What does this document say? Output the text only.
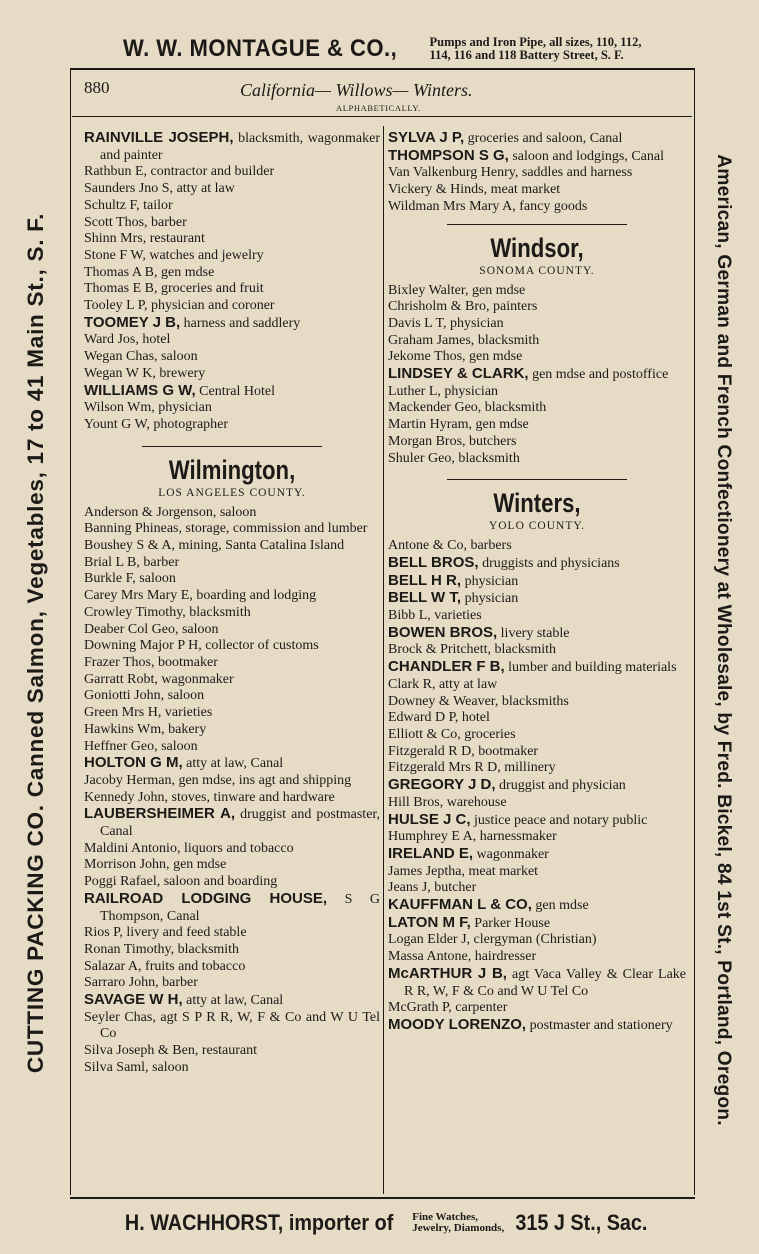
W. W. MONTAGUE & CO.,	Pumps and Iron Pipe, all sizes, 110, 112,
114, 116 and 118 Battery Street, S. F.
CUTTING PACKING CO. Canned Salmon, Vegetables, 17 to 41 Main St., S. F.	American, German and French Confectionery at Wholesale, by Fred. Bickel, 84 1st St., Portland, Oregon.
880	California— Willows— Winters.
ALPHABETICALLY.
RAINVILLE JOSEPH, blacksmith, wagonmaker and painter
Rathbun E, contractor and builder
Saunders Jno S, atty at law
Schultz F, tailor
Scott Thos, barber
Shinn Mrs, restaurant
Stone F W, watches and jewelry
Thomas A B, gen mdse
Thomas E B, groceries and fruit
Tooley L P, physician and coroner
TOOMEY J B, harness and saddlery
Ward Jos, hotel
Wegan Chas, saloon
Wegan W K, brewery
WILLIAMS G W, Central Hotel
Wilson Wm, physician
Yount G W, photographer
Wilmington,
LOS ANGELES COUNTY.
Anderson & Jorgenson, saloon
Banning Phineas, storage, commission and lumber
Boushey S & A, mining, Santa Catalina Island
Brial L B, barber
Burkle F, saloon
Carey Mrs Mary E, boarding and lodging
Crowley Timothy, blacksmith
Deaber Col Geo, saloon
Downing Major P H, collector of customs
Frazer Thos, bootmaker
Garratt Robt, wagonmaker
Goniotti John, saloon
Green Mrs H, varieties
Hawkins Wm, bakery
Heffner Geo, saloon
HOLTON G M, atty at law, Canal
Jacoby Herman, gen mdse, ins agt and shipping
Kennedy John, stoves, tinware and hardware
LAUBERSHEIMER A, druggist and postmaster, Canal
Maldini Antonio, liquors and tobacco
Morrison John, gen mdse
Poggi Rafael, saloon and boarding
RAILROAD LODGING HOUSE, S G Thompson, Canal
Rios P, livery and feed stable
Ronan Timothy, blacksmith
Salazar A, fruits and tobacco
Sarraro John, barber
SAVAGE W H, atty at law, Canal
Seyler Chas, agt S P R R, W, F & Co and W U Tel Co
Silva Joseph & Ben, restaurant
Silva Saml, saloon
SYLVA J P, groceries and saloon, Canal
THOMPSON S G, saloon and lodgings, Canal
Van Valkenburg Henry, saddles and harness
Vickery & Hinds, meat market
Wildman Mrs Mary A, fancy goods
Windsor,
SONOMA COUNTY.
Bixley Walter, gen mdse
Chrisholm & Bro, painters
Davis L T, physician
Graham James, blacksmith
Jekome Thos, gen mdse
LINDSEY & CLARK, gen mdse and postoffice
Luther L, physician
Mackender Geo, blacksmith
Martin Hyram, gen mdse
Morgan Bros, butchers
Shuler Geo, blacksmith
Winters,
YOLO COUNTY.
Antone & Co, barbers
BELL BROS, druggists and physicians
BELL H R, physician
BELL W T, physician
Bibb L, varieties
BOWEN BROS, livery stable
Brock & Pritchett, blacksmith
CHANDLER F B, lumber and building materials
Clark R, atty at law
Downey & Weaver, blacksmiths
Edward D P, hotel
Elliott & Co, groceries
Fitzgerald R D, bootmaker
Fitzgerald Mrs R D, millinery
GREGORY J D, druggist and physician
Hill Bros, warehouse
HULSE J C, justice peace and notary public
Humphrey E A, harnessmaker
IRELAND E, wagonmaker
James Jeptha, meat market
Jeans J, butcher
KAUFFMAN L & CO, gen mdse
LATON M F, Parker House
Logan Elder J, clergyman (Christian)
Massa Antone, hairdresser
McARTHUR J B, agt Vaca Valley & Clear Lake R R, W, F & Co and W U Tel Co
McGrath P, carpenter
MOODY LORENZO, postmaster and stationery
H. WACHHORST, importer of Fine Watches,
Jewelry, Diamonds, 315 J St., Sac.
